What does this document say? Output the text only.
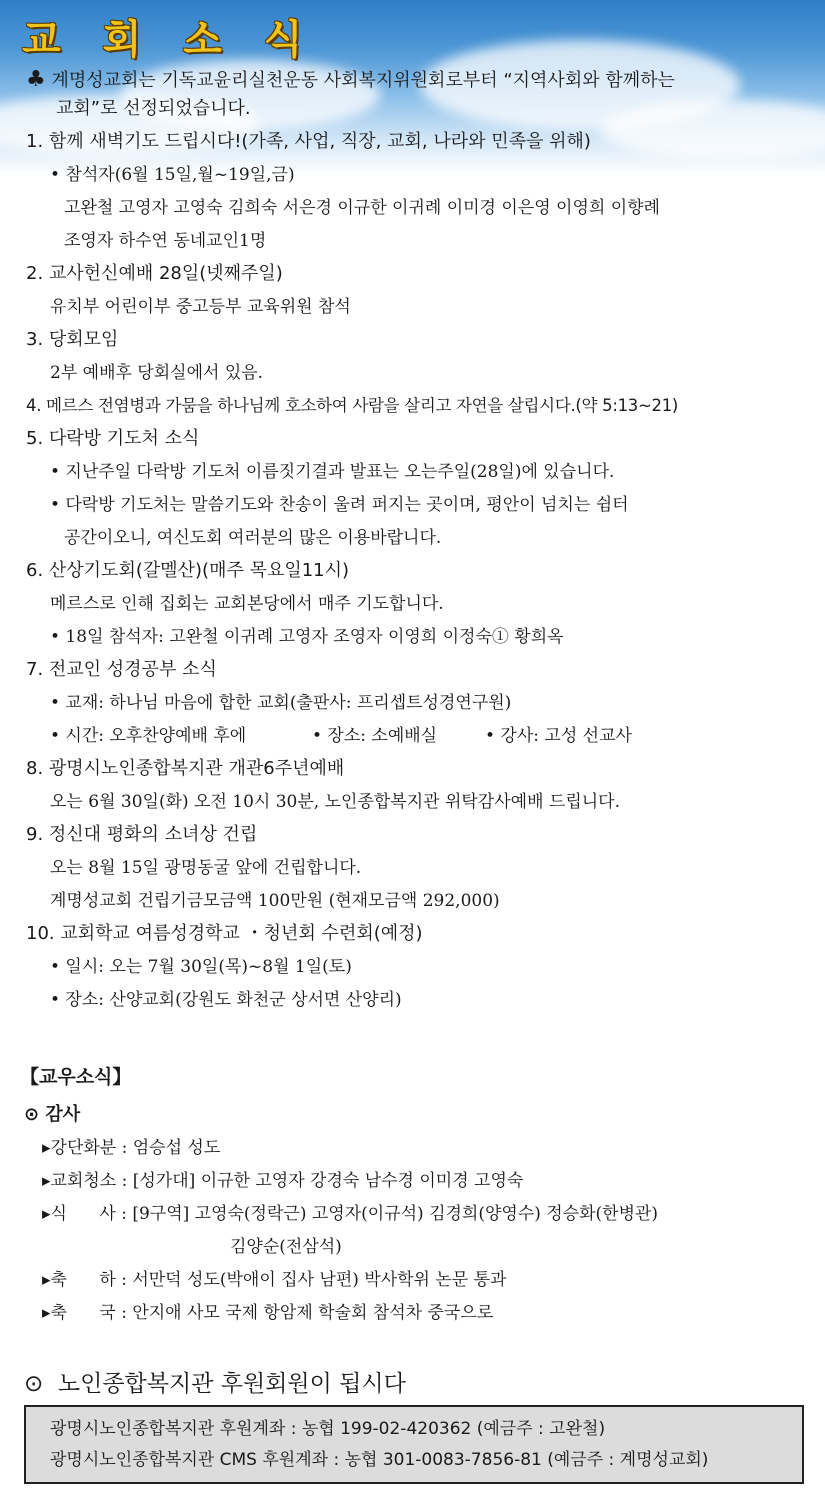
교 회 소 식
♣ 계명성교회는 기독교윤리실천운동 사회복지위원회로부터 “지역사회와 함께하는
교회”로 선정되었습니다.
1. 함께 새벽기도 드립시다!(가족, 사업, 직장, 교회, 나라와 민족을 위해)
• 참석자(6월 15일,월~19일,금)
고완철 고영자 고영숙 김희숙 서은경 이규한 이귀례 이미경 이은영 이영희 이향례
조영자 하수연 동네교인1명
2. 교사헌신예배 28일(넷째주일)
유치부 어린이부 중고등부 교육위원 참석
3. 당회모임
2부 예배후 당회실에서 있음.
4. 메르스 전염병과 가뭄을 하나님께 호소하여 사람을 살리고 자연을 살립시다.(약 5:13~21)
5. 다락방 기도처 소식
• 지난주일 다락방 기도처 이름짓기결과 발표는 오는주일(28일)에 있습니다.
• 다락방 기도처는 말씀기도와 찬송이 울려 퍼지는 곳이며, 평안이 넘치는 쉼터
공간이오니, 여신도회 여러분의 많은 이용바랍니다.
6. 산상기도회(갈멜산)(매주 목요일11시)
메르스로 인해 집회는 교회본당에서 매주 기도합니다.
• 18일 참석자: 고완철 이귀례 고영자 조영자 이영희 이정숙① 황희옥
7. 전교인 성경공부 소식
• 교재: 하나님 마음에 합한 교회(출판사: 프리셉트성경연구원)
• 시간: 오후찬양예배 후에	• 장소: 소예배실	• 강사: 고성 선교사
8. 광명시노인종합복지관 개관6주년예배
오는 6월 30일(화) 오전 10시 30분, 노인종합복지관 위탁감사예배 드립니다.
9. 정신대 평화의 소녀상 건립
오는 8월 15일 광명동굴 앞에 건립합니다.
계명성교회 건립기금모금액 100만원 (현재모금액 292,000)
10. 교회학교 여름성경학교 ・청년회 수련회(예정)
• 일시: 오는 7월 30일(목)~8월 1일(토)
• 장소: 산양교회(강원도 화천군 상서면 산양리)
【교우소식】
⊙ 감사
▸강단화분 : 엄승섭 성도
▸교회청소 : [성가대] 이규한 고영자 강경숙 남수경 이미경 고영숙
▸식      사 : [9구역] 고영숙(정락근) 고영자(이규석) 김경희(양영수) 정승화(한병관)
김양순(전삼석)
▸축      하 : 서만덕 성도(박애이 집사 남편) 박사학위 논문 통과
▸축      국 : 안지애 사모 국제 항암제 학술회 참석차 중국으로
⊙  노인종합복지관 후원회원이 됩시다
광명시노인종합복지관 후원계좌 : 농협 199-02-420362 (예금주 : 고완철)
광명시노인종합복지관 CMS 후원계좌 : 농협 301-0083-7856-81 (예금주 : 계명성교회)
